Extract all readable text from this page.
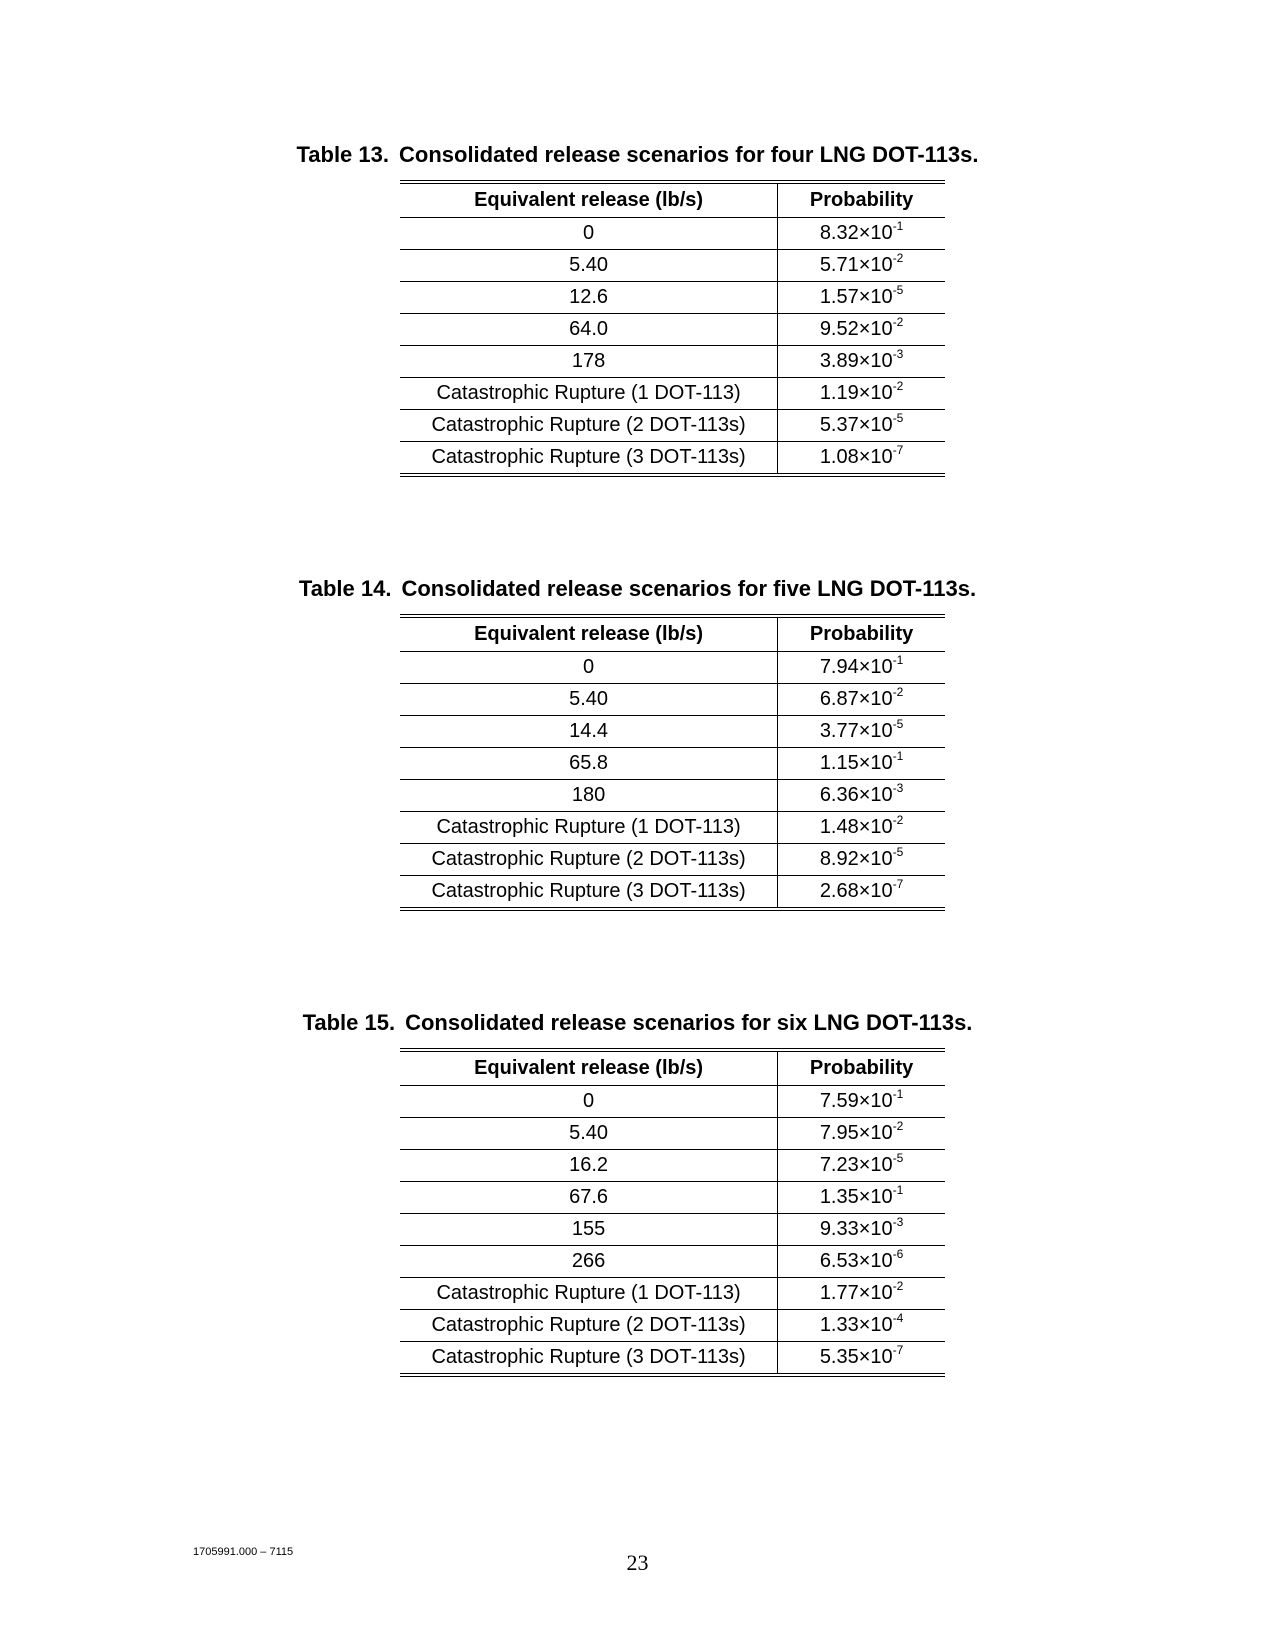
Table 13. Consolidated release scenarios for four LNG DOT-113s.

Equivalent release (lb/s)	Probability
0	$8.32\times 10^{-1}$
5.40	$5.71\times 10^{-2}$
12.6	$1.57\times 10^{-5}$
64.0	$9.52\times 10^{-2}$
178	$3.89\times 10^{-3}$
Catastrophic Rupture (1 DOT-113)	$1.19\times 10^{-2}$
Catastrophic Rupture (2 DOT-113s)	$5.37\times 10^{-5}$
Catastrophic Rupture (3 DOT-113s)	$1.08\times 10^{-7}$

Table 14. Consolidated release scenarios for five LNG DOT-113s.

Equivalent release (lb/s)	Probability
0	$7.94\times 10^{-1}$
5.40	$6.87\times 10^{-2}$
14.4	$3.77\times 10^{-5}$
65.8	$1.15\times 10^{-1}$
180	$6.36\times 10^{-3}$
Catastrophic Rupture (1 DOT-113)	$1.48\times 10^{-2}$
Catastrophic Rupture (2 DOT-113s)	$8.92\times 10^{-5}$
Catastrophic Rupture (3 DOT-113s)	$2.68\times 10^{-7}$

Table 15. Consolidated release scenarios for six LNG DOT-113s.

Equivalent release (lb/s)	Probability
0	$7.59\times 10^{-1}$
5.40	$7.95\times 10^{-2}$
16.2	$7.23\times 10^{-5}$
67.6	$1.35\times 10^{-1}$
155	$9.33\times 10^{-3}$
266	$6.53\times 10^{-6}$
Catastrophic Rupture (1 DOT-113)	$1.77\times 10^{-2}$
Catastrophic Rupture (2 DOT-113s)	$1.33\times 10^{-4}$
Catastrophic Rupture (3 DOT-113s)	$5.35\times 10^{-7}$
1705991.000 – 7115	23
